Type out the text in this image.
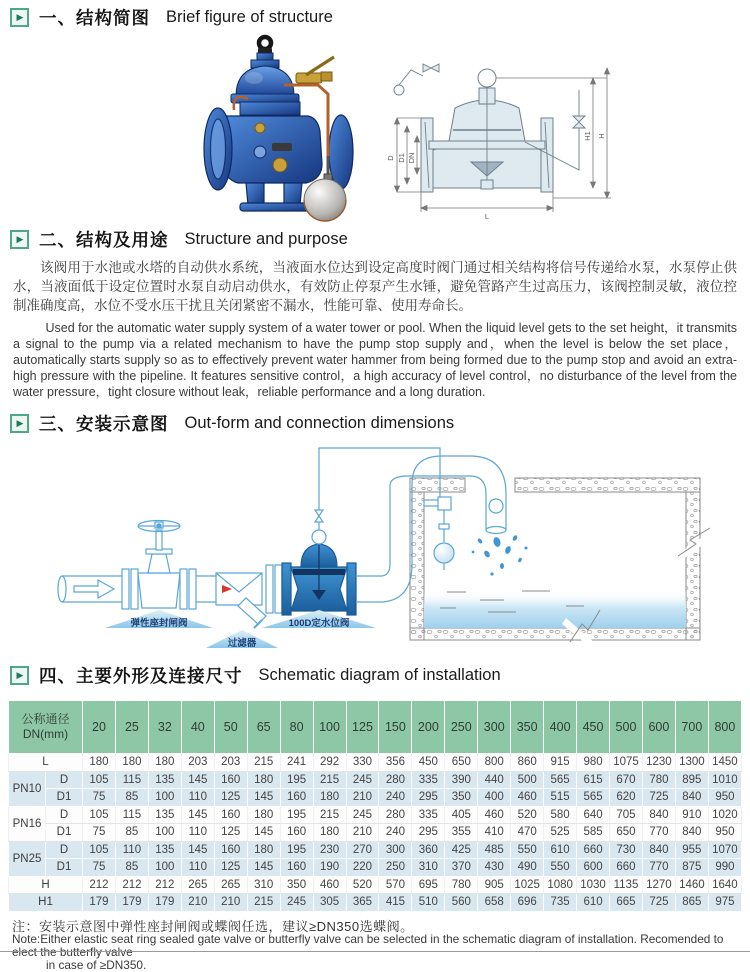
▶ 一、结构简图 Brief figure of structure
D D1 DN
H1 H
L
▶ 二、结构及用途 Structure and purpose
该阀用于水池或水塔的自动供水系统，当液面水位达到设定高度时阀门通过相关结构将信号传递给水泵，水泵停止供水，当液面低于设定位置时水泵自动启动供水，有效防止停泵产生水锤，避免管路产生过高压力，该阀控制灵敏，液位控制准确度高，水位不受水压干扰且关闭紧密不漏水，性能可靠、使用寿命长。
Used for the automatic water supply system of a water tower or pool. When the liquid level gets to the set height，it transmits a signal to the pump via a related mechanism to have the pump stop supply and，when the level is below the set place，automatically starts supply so as to effectively prevent water hammer from being formed due to the pump stop and avoid an extra-high pressure with the pipeline. It features sensitive control，a high accuracy of level control，no disturbance of the level from the water pressure，tight closure without leak，reliable performance and a long duration.
▶ 三、安装示意图 Out-form and connection dimensions
弹性座封闸阀
过滤器
100D定水位阀
▶ 四、主要外形及连接尺寸 Schematic diagram of installation
公称通径
DN(mm)		20	25	32	40	50	65	80	100	125	150	200	250	300	350	400	450	500	600	700	800
L		180	180	180	203	203	215	241	292	330	356	450	650	800	860	915	980	1075	1230	1300	1450
PN10	D	105	115	135	145	160	180	195	215	245	280	335	390	440	500	565	615	670	780	895	1010
	D1	75	85	100	110	125	145	160	180	210	240	295	350	400	460	515	565	620	725	840	950
PN16	D	105	115	135	145	160	180	195	215	245	280	335	405	460	520	580	640	705	840	910	1020
	D1	75	85	100	110	125	145	160	180	210	240	295	355	410	470	525	585	650	770	840	950
PN25	D	105	110	135	145	160	180	195	230	270	300	360	425	485	550	610	660	730	840	955	1070
	D1	75	85	100	110	125	145	160	190	220	250	310	370	430	490	550	600	660	770	875	990
H		212	212	212	265	265	310	350	460	520	570	695	780	905	1025	1080	1030	1135	1270	1460	1640
H1		179	179	179	210	210	215	245	305	365	415	510	560	658	696	735	610	665	725	865	975
注：安装示意图中弹性座封闸阀或蝶阀任选，建议≥DN350选蝶阀。
Note:Either elastic seat ring sealed gate valve or butterfly valve can be selected in the schematic diagram of installation. Recomended to elect the butterfly valve
in case of ≥DN350.
